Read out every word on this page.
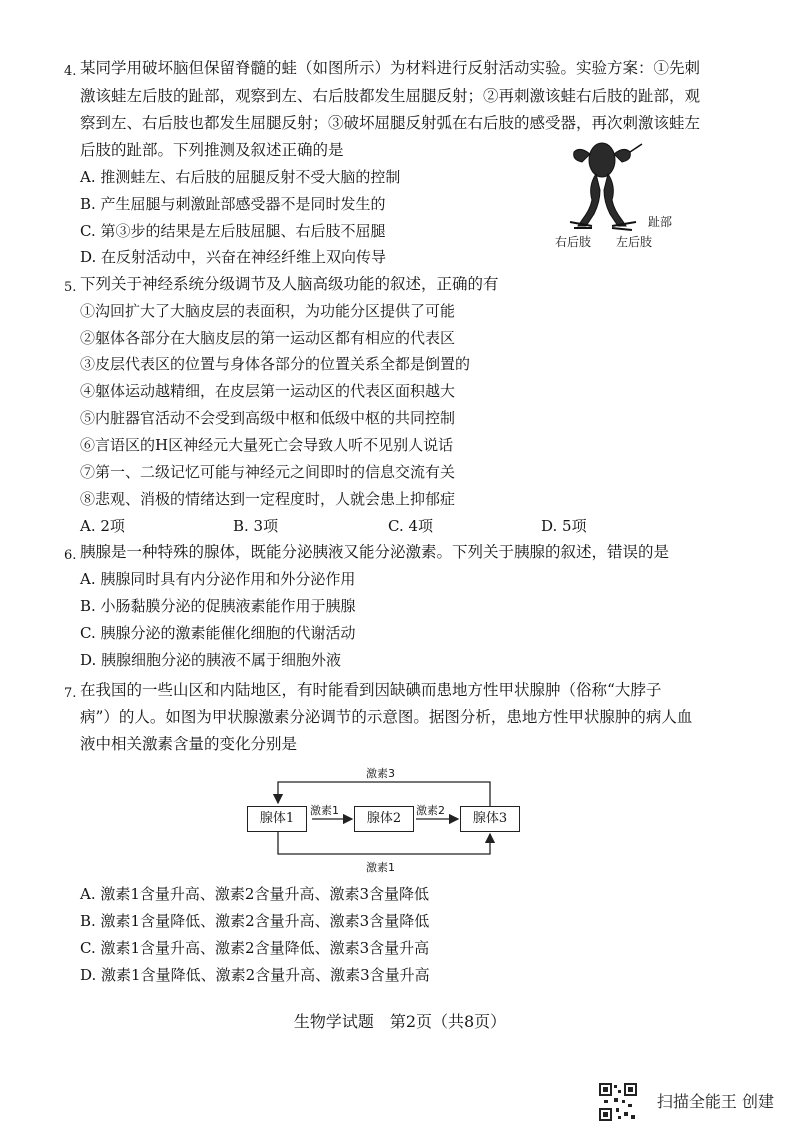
4. 某同学用破坏脑但保留脊髓的蛙（如图所示）为材料进行反射活动实验。实验方案：①先刺
激该蛙左后肢的趾部，观察到左、右后肢都发生屈腿反射；②再刺激该蛙右后肢的趾部，观
察到左、右后肢也都发生屈腿反射；③破坏屈腿反射弧在右后肢的感受器，再次刺激该蛙左
后肢的趾部。下列推测及叙述正确的是
A. 推测蛙左、右后肢的屈腿反射不受大脑的控制
B. 产生屈腿与刺激趾部感受器不是同时发生的
C. 第③步的结果是左后肢屈腿、右后肢不屈腿
D. 在反射活动中，兴奋在神经纤维上双向传导
趾部
右后肢 左后肢
5. 下列关于神经系统分级调节及人脑高级功能的叙述，正确的有
①沟回扩大了大脑皮层的表面积，为功能分区提供了可能
②躯体各部分在大脑皮层的第一运动区都有相应的代表区
③皮层代表区的位置与身体各部分的位置关系全都是倒置的
④躯体运动越精细，在皮层第一运动区的代表区面积越大
⑤内脏器官活动不会受到高级中枢和低级中枢的共同控制
⑥言语区的H区神经元大量死亡会导致人听不见别人说话
⑦第一、二级记忆可能与神经元之间即时的信息交流有关
⑧悲观、消极的情绪达到一定程度时，人就会患上抑郁症
A. 2项	B. 3项	C. 4项	D. 5项
6. 胰腺是一种特殊的腺体，既能分泌胰液又能分泌激素。下列关于胰腺的叙述，错误的是
A. 胰腺同时具有内分泌作用和外分泌作用
B. 小肠黏膜分泌的促胰液素能作用于胰腺
C. 胰腺分泌的激素能催化细胞的代谢活动
D. 胰腺细胞分泌的胰液不属于细胞外液
7. 在我国的一些山区和内陆地区，有时能看到因缺碘而患地方性甲状腺肿（俗称“大脖子
病”）的人。如图为甲状腺激素分泌调节的示意图。据图分析，患地方性甲状腺肿的病人血
液中相关激素含量的变化分别是
腺体1	腺体2	腺体3
激素3
激素1	激素2
激素1
A. 激素1含量升高、激素2含量升高、激素3含量降低
B. 激素1含量降低、激素2含量升高、激素3含量降低
C. 激素1含量升高、激素2含量降低、激素3含量升高
D. 激素1含量降低、激素2含量升高、激素3含量升高
生物学试题　第2页（共8页）
扫描全能王 创建
